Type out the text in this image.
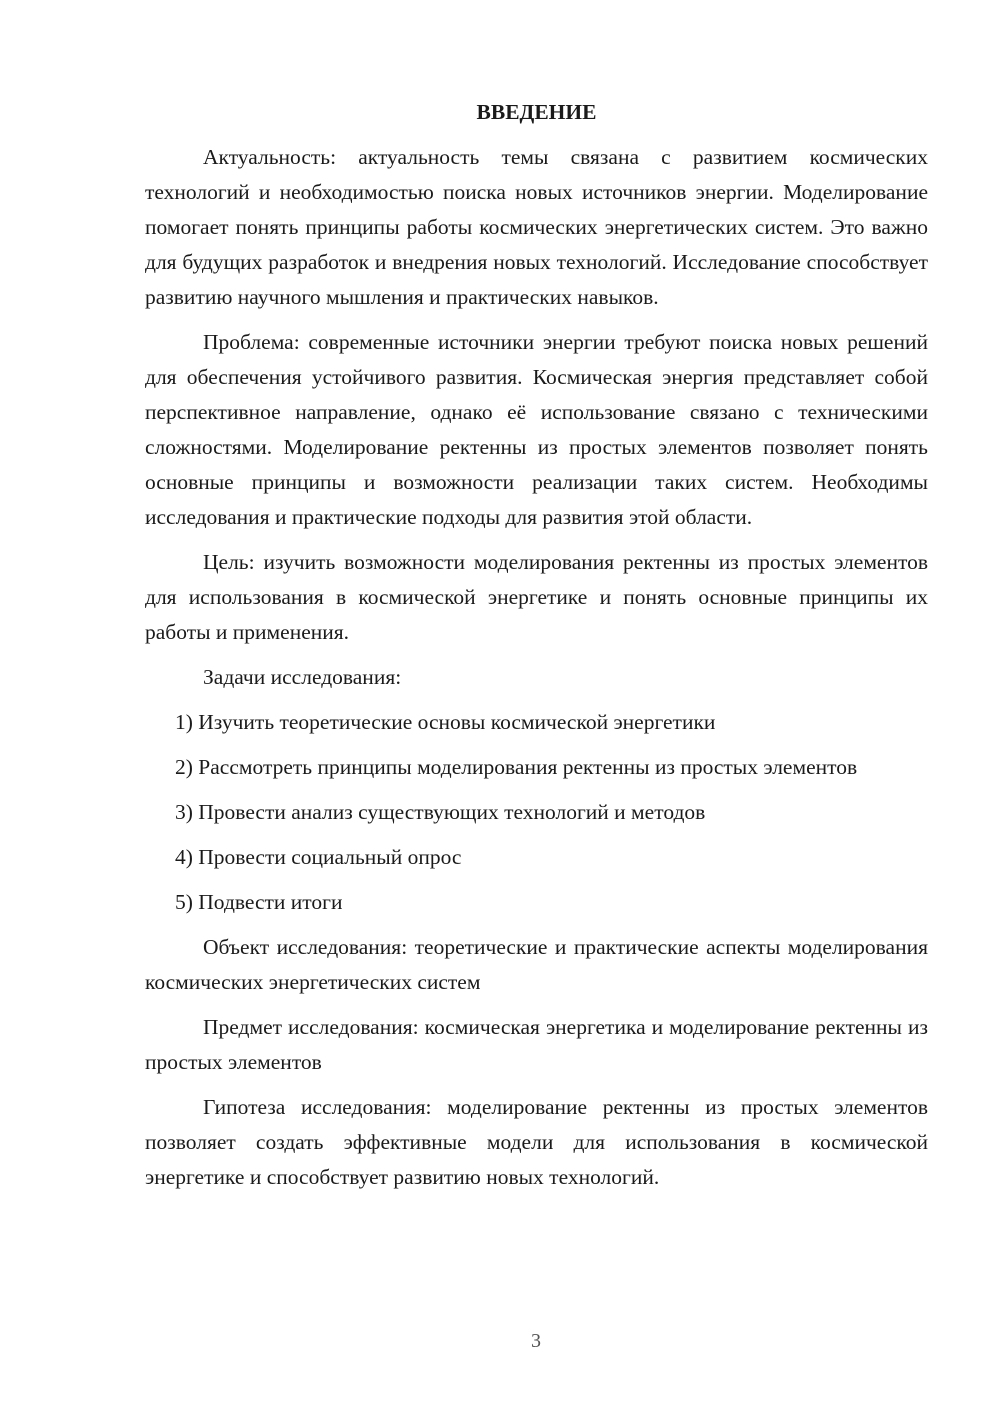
ВВЕДЕНИЕ

Актуальность: актуальность темы связана с развитием космических технологий и необходимостью поиска новых источников энергии. Моделирование помогает понять принципы работы космических энергетических систем. Это важно для будущих разработок и внедрения новых технологий. Исследование способствует развитию научного мышления и практических навыков.

Проблема: современные источники энергии требуют поиска новых решений для обеспечения устойчивого развития. Космическая энергия представляет собой перспективное направление, однако её использование связано с техническими сложностями. Моделирование ректенны из простых элементов позволяет понять основные принципы и возможности реализации таких систем. Необходимы исследования и практические подходы для развития этой области.

Цель: изучить возможности моделирования ректенны из простых элементов для использования в космической энергетике и понять основные принципы их работы и применения.

Задачи исследования:

1) Изучить теоретические основы космической энергетики

2) Рассмотреть принципы моделирования ректенны из простых элементов

3) Провести анализ существующих технологий и методов

4) Провести социальный опрос

5) Подвести итоги

Объект исследования: теоретические и практические аспекты моделирования космических энергетических систем

Предмет исследования: космическая энергетика и моделирование ректенны из простых элементов

Гипотеза исследования: моделирование ректенны из простых элементов позволяет создать эффективные модели для использования в космической энергетике и способствует развитию новых технологий.

3
